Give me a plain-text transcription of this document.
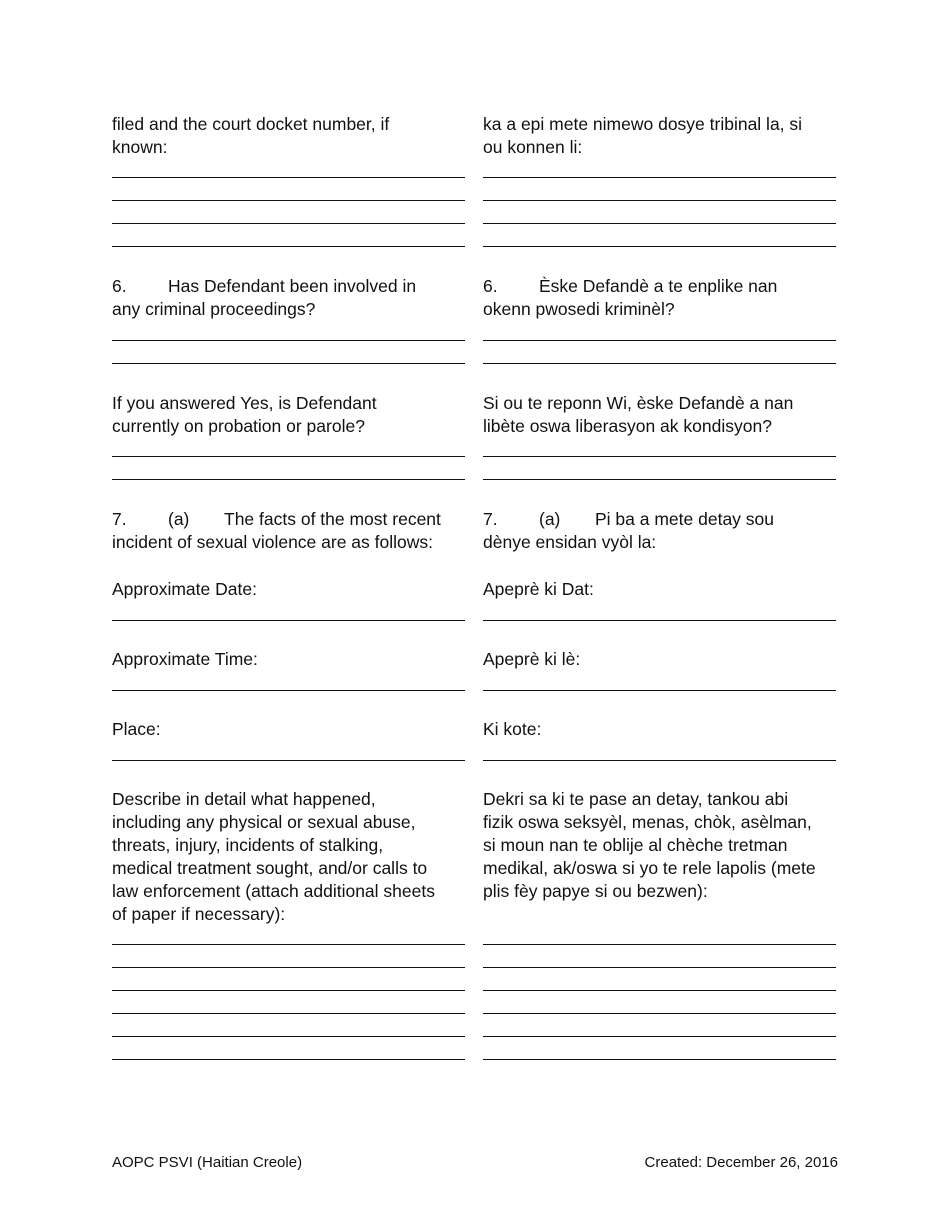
filed and the court docket number, if
known:
ka a epi mete nimewo dosye tribinal la, si
ou konnen li:
6. Has Defendant been involved in
any criminal proceedings?
6. Èske Defandè a te enplike nan
okenn pwosedi kriminèl?
If you answered Yes, is Defendant
currently on probation or parole?
Si ou te reponn Wi, èske Defandè a nan
libète oswa liberasyon ak kondisyon?
7. (a) The facts of the most recent
incident of sexual violence are as follows:
7. (a) Pi ba a mete detay sou
dènye ensidan vyòl la:
Approximate Date:	Apeprè ki Dat:
Approximate Time:	Apeprè ki lè:
Place:	Ki kote:
Describe in detail what happened,
including any physical or sexual abuse,
threats, injury, incidents of stalking,
medical treatment sought, and/or calls to
law enforcement (attach additional sheets
of paper if necessary):
Dekri sa ki te pase an detay, tankou abi
fizik oswa seksyèl, menas, chòk, asèlman,
si moun nan te oblije al chèche tretman
medikal, ak/oswa si yo te rele lapolis (mete
plis fèy papye si ou bezwen):
AOPC PSVI (Haitian Creole)	Created: December 26, 2016
